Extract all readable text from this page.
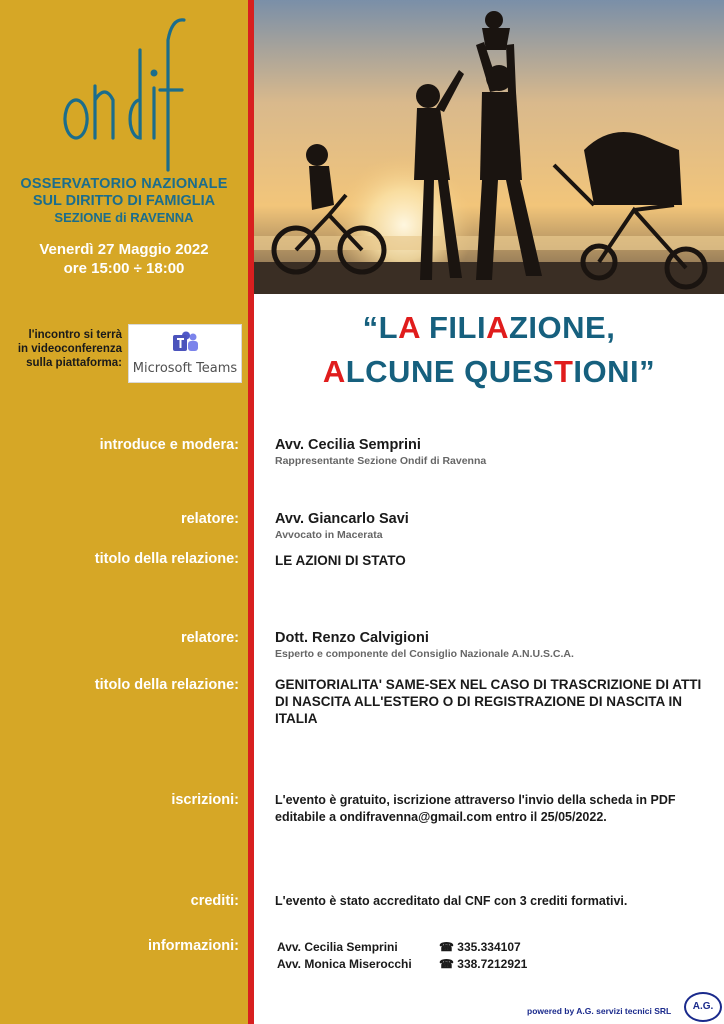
ondif
OSSERVATORIO NAZIONALE
SUL DIRITTO DI FAMIGLIA
SEZIONE di RAVENNA
Venerdì 27 Maggio 2022
ore 15:00 ÷ 18:00
l'incontro si terrà
in videoconferenza
sulla piattaforma: Microsoft Teams
“LA FILIAZIONE,
ALCUNE QUESTIONI”
introduce e modera: Avv. Cecilia Semprini
Rappresentante Sezione Ondif di Ravenna
relatore: Avv. Giancarlo Savi
Avvocato in Macerata
titolo della relazione:	LE AZIONI DI STATO
relatore: Dott. Renzo Calvigioni
Esperto e componente del Consiglio Nazionale A.N.U.S.C.A.
titolo della relazione:	GENITORIALITA' SAME-SEX NEL CASO DI TRASCRIZIONE DI ATTI DI NASCITA ALL'ESTERO O DI REGISTRAZIONE DI NASCITA IN ITALIA
iscrizioni:	L'evento è gratuito, iscrizione attraverso l'invio della scheda in PDF editabile a ondifravenna@gmail.com entro il 25/05/2022.
crediti:	L'evento è stato accreditato dal CNF con 3 crediti formativi.
informazioni:	Avv. Cecilia Semprini	☎ 335.334107
Avv. Monica Miserocchi ☎ 338.7212921
powered by A.G. servizi tecnici SRL	A.G.
